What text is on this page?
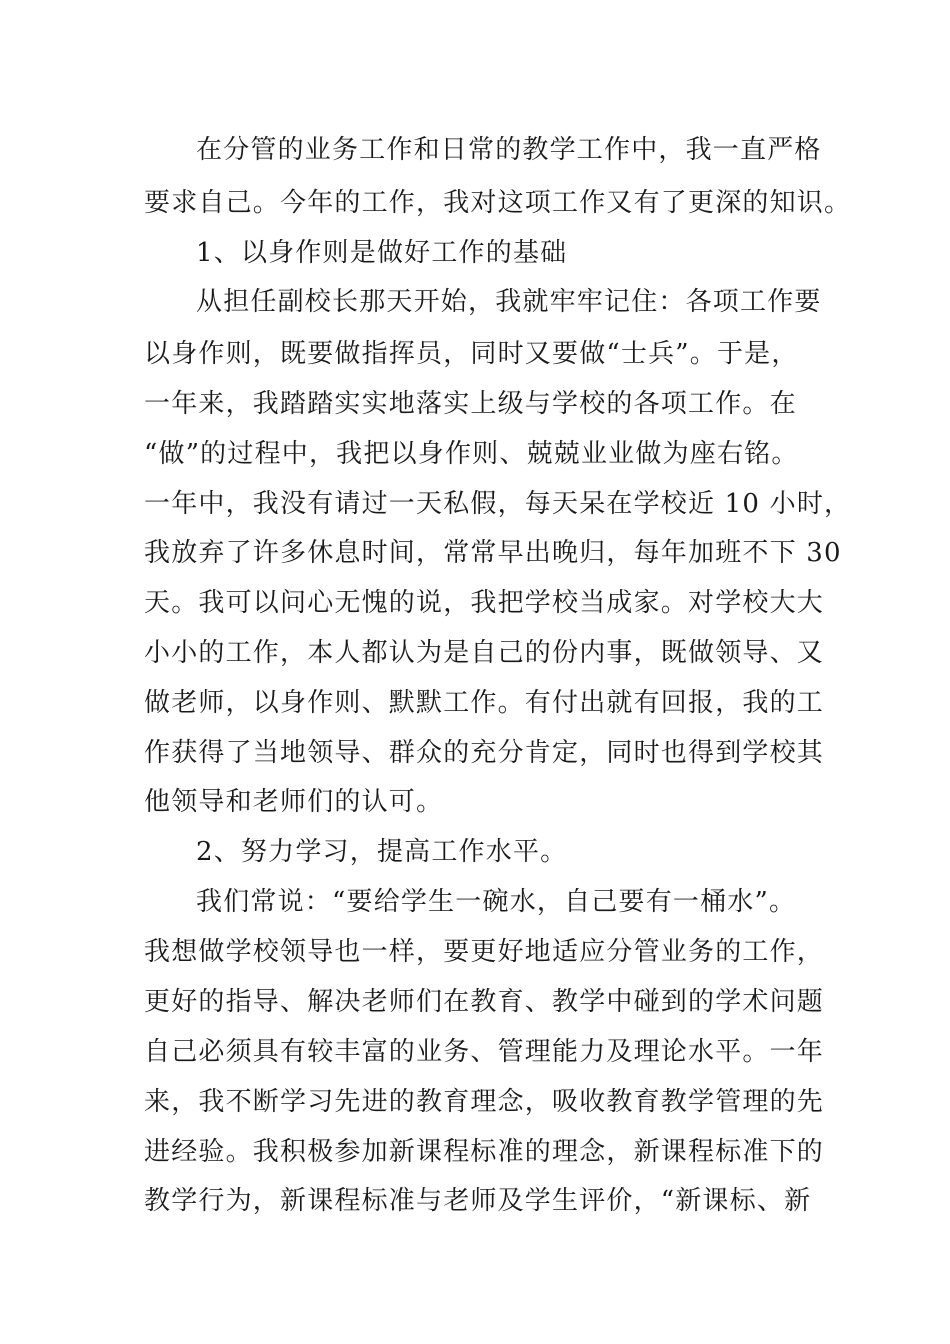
在分管的业务工作和日常的教学工作中，我一直严格
要求自己。今年的工作，我对这项工作又有了更深的知识。
1、以身作则是做好工作的基础
从担任副校长那天开始，我就牢牢记住：各项工作要
以身作则，既要做指挥员，同时又要做“士兵”。于是，
一年来，我踏踏实实地落实上级与学校的各项工作。在
“做”的过程中，我把以身作则、兢兢业业做为座右铭。
一年中，我没有请过一天私假，每天呆在学校近 10 小时，
我放弃了许多休息时间，常常早出晚归，每年加班不下 30
天。我可以问心无愧的说，我把学校当成家。对学校大大
小小的工作，本人都认为是自己的份内事，既做领导、又
做老师，以身作则、默默工作。有付出就有回报，我的工
作获得了当地领导、群众的充分肯定，同时也得到学校其
他领导和老师们的认可。
2、努力学习，提高工作水平。
我们常说：“要给学生一碗水，自己要有一桶水”。
我想做学校领导也一样，要更好地适应分管业务的工作，
更好的指导、解决老师们在教育、教学中碰到的学术问题
自己必须具有较丰富的业务、管理能力及理论水平。一年
来，我不断学习先进的教育理念，吸收教育教学管理的先
进经验。我积极参加新课程标准的理念，新课程标准下的
教学行为，新课程标准与老师及学生评价，“新课标、新
